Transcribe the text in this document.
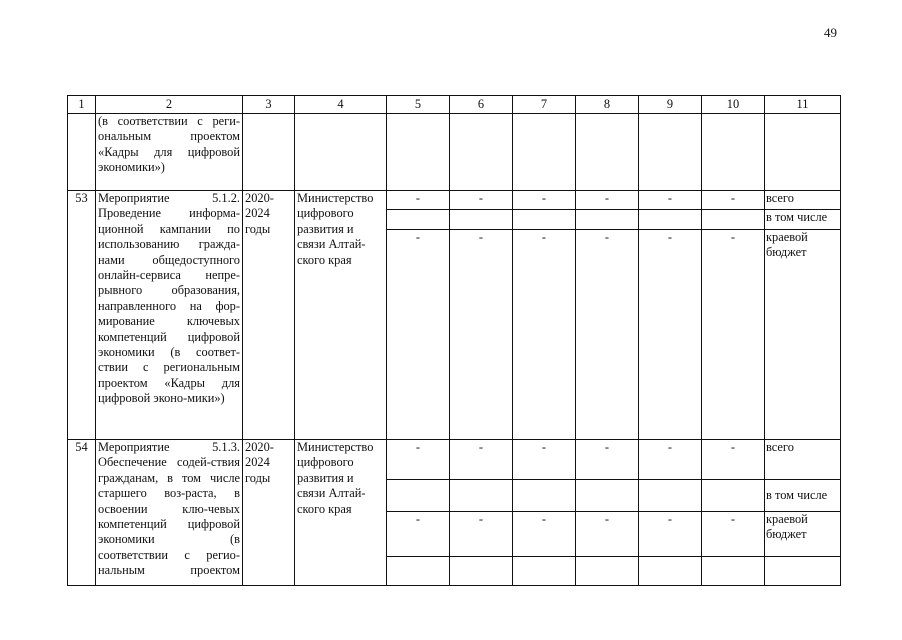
49
1	2	3	4	5	6	7	8	9	10	11
	(в соответствии с реги-ональным проектом «Кадры для цифровой экономики»)									
53	Мероприятие 5.1.2. Проведение информа-ционной кампании по использованию гражда-нами общедоступного онлайн-сервиса непре-рывного образования, направленного на фор-мирование ключевых компетенций цифровой экономики (в соответ-ствии с региональным проектом «Кадры для цифровой эконо-мики»)	2020-2024 годы	Министерство цифрового развития и связи Алтай-ского края	-	-	-	-	-	-	всего
										в том числе
				-	-	-	-	-	-	краевой бюджет
54	Мероприятие 5.1.3. Обеспечение содей-ствия гражданам, в том числе старшего воз-раста, в освоении клю-чевых компетенций цифровой экономики (в соответствии с регио-нальным проектом	2020-2024 годы	Министерство цифрового развития и связи Алтай-ского края	-	-	-	-	-	-	всего
										в том числе
				-	-	-	-	-	-	краевой бюджет
